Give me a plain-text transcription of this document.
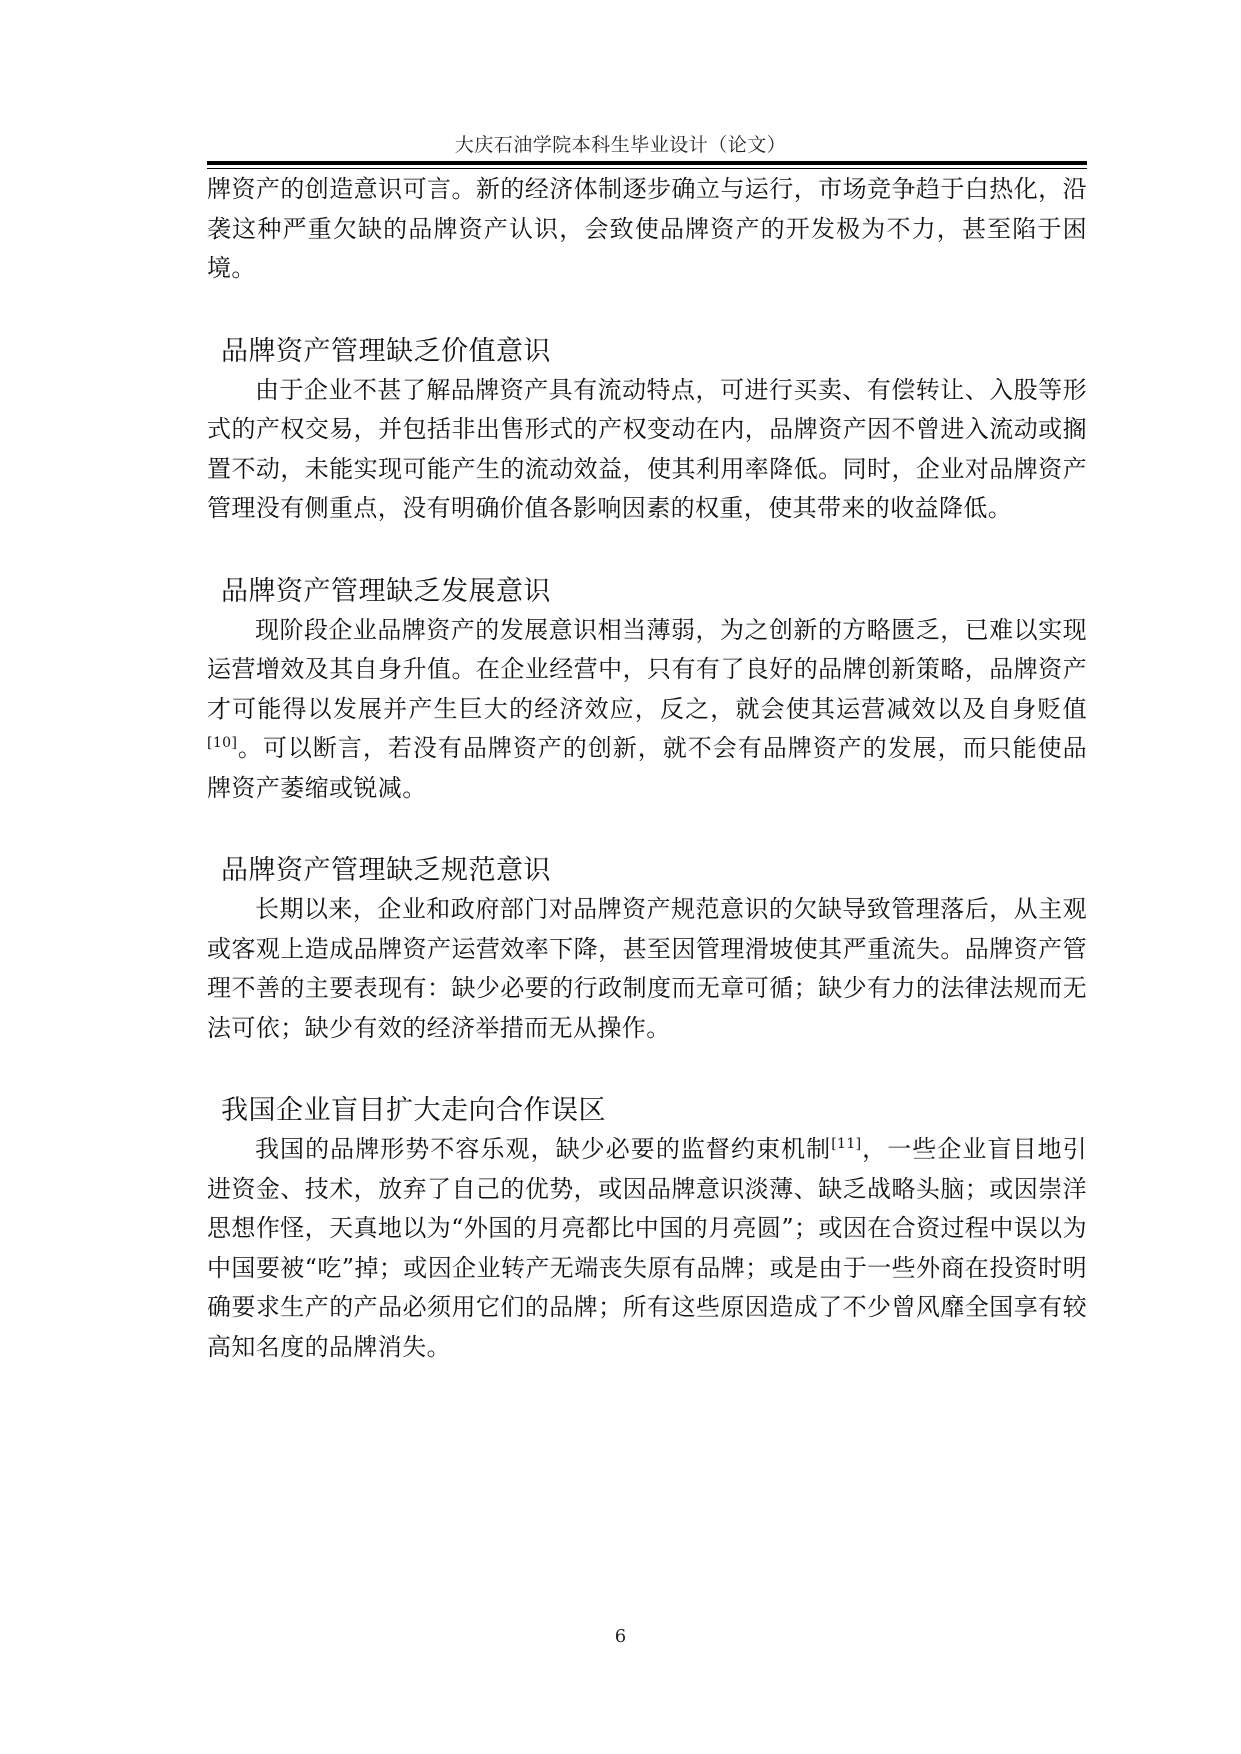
大庆石油学院本科生毕业设计（论文）

牌资产的创造意识可言。新的经济体制逐步确立与运行，市场竞争趋于白热化，沿袭这种严重欠缺的品牌资产认识，会致使品牌资产的开发极为不力，甚至陷于困境。

品牌资产管理缺乏价值意识

由于企业不甚了解品牌资产具有流动特点，可进行买卖、有偿转让、入股等形式的产权交易，并包括非出售形式的产权变动在内，品牌资产因不曾进入流动或搁置不动，未能实现可能产生的流动效益，使其利用率降低。同时，企业对品牌资产管理没有侧重点，没有明确价值各影响因素的权重，使其带来的收益降低。

品牌资产管理缺乏发展意识

现阶段企业品牌资产的发展意识相当薄弱，为之创新的方略匮乏，已难以实现运营增效及其自身升值。在企业经营中，只有有了良好的品牌创新策略，品牌资产才可能得以发展并产生巨大的经济效应，反之，就会使其运营减效以及自身贬值[10]。可以断言，若没有品牌资产的创新，就不会有品牌资产的发展，而只能使品牌资产萎缩或锐减。

品牌资产管理缺乏规范意识

长期以来，企业和政府部门对品牌资产规范意识的欠缺导致管理落后，从主观或客观上造成品牌资产运营效率下降，甚至因管理滑坡使其严重流失。品牌资产管理不善的主要表现有：缺少必要的行政制度而无章可循；缺少有力的法律法规而无法可依；缺少有效的经济举措而无从操作。

我国企业盲目扩大走向合作误区

我国的品牌形势不容乐观，缺少必要的监督约束机制[11]，一些企业盲目地引进资金、技术，放弃了自己的优势，或因品牌意识淡薄、缺乏战略头脑；或因崇洋思想作怪，天真地以为“外国的月亮都比中国的月亮圆”；或因在合资过程中误以为中国要被“吃”掉；或因企业转产无端丧失原有品牌；或是由于一些外商在投资时明确要求生产的产品必须用它们的品牌；所有这些原因造成了不少曾风靡全国享有较高知名度的品牌消失。

6
